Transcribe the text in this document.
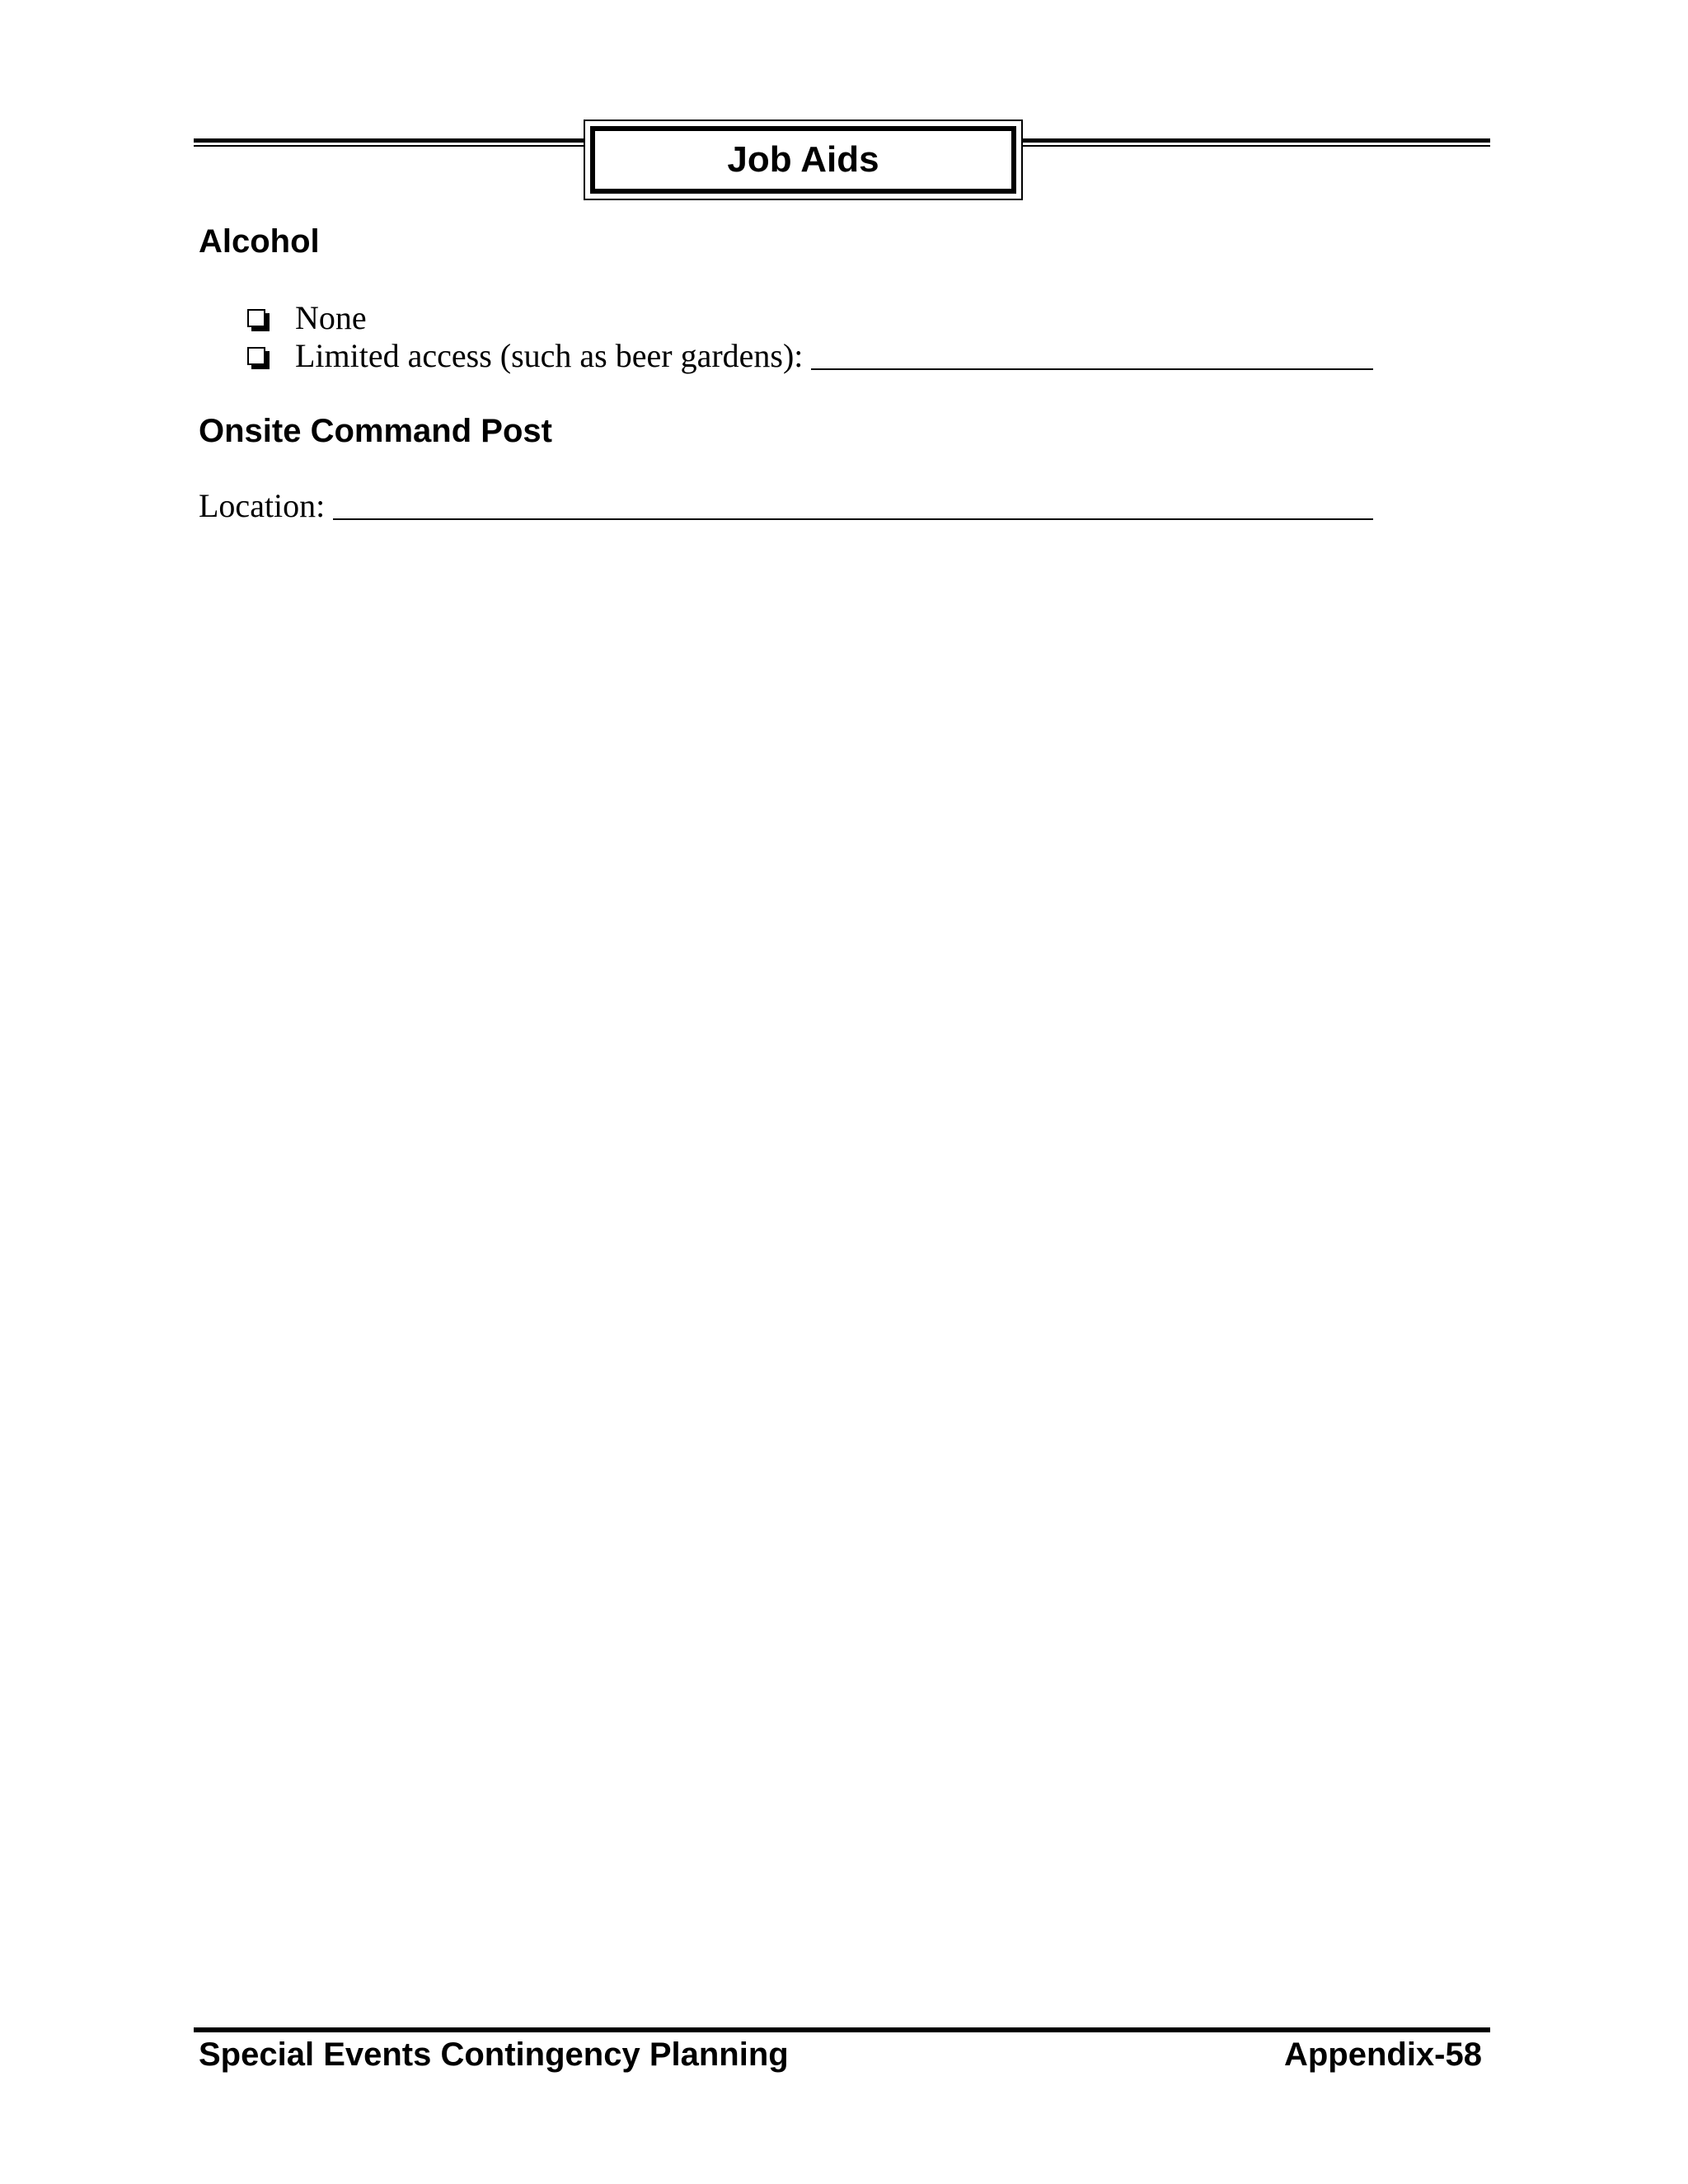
Job Aids
Alcohol
None
Limited access (such as beer gardens):
Onsite Command Post
Location:
Special Events Contingency Planning	Appendix-58
